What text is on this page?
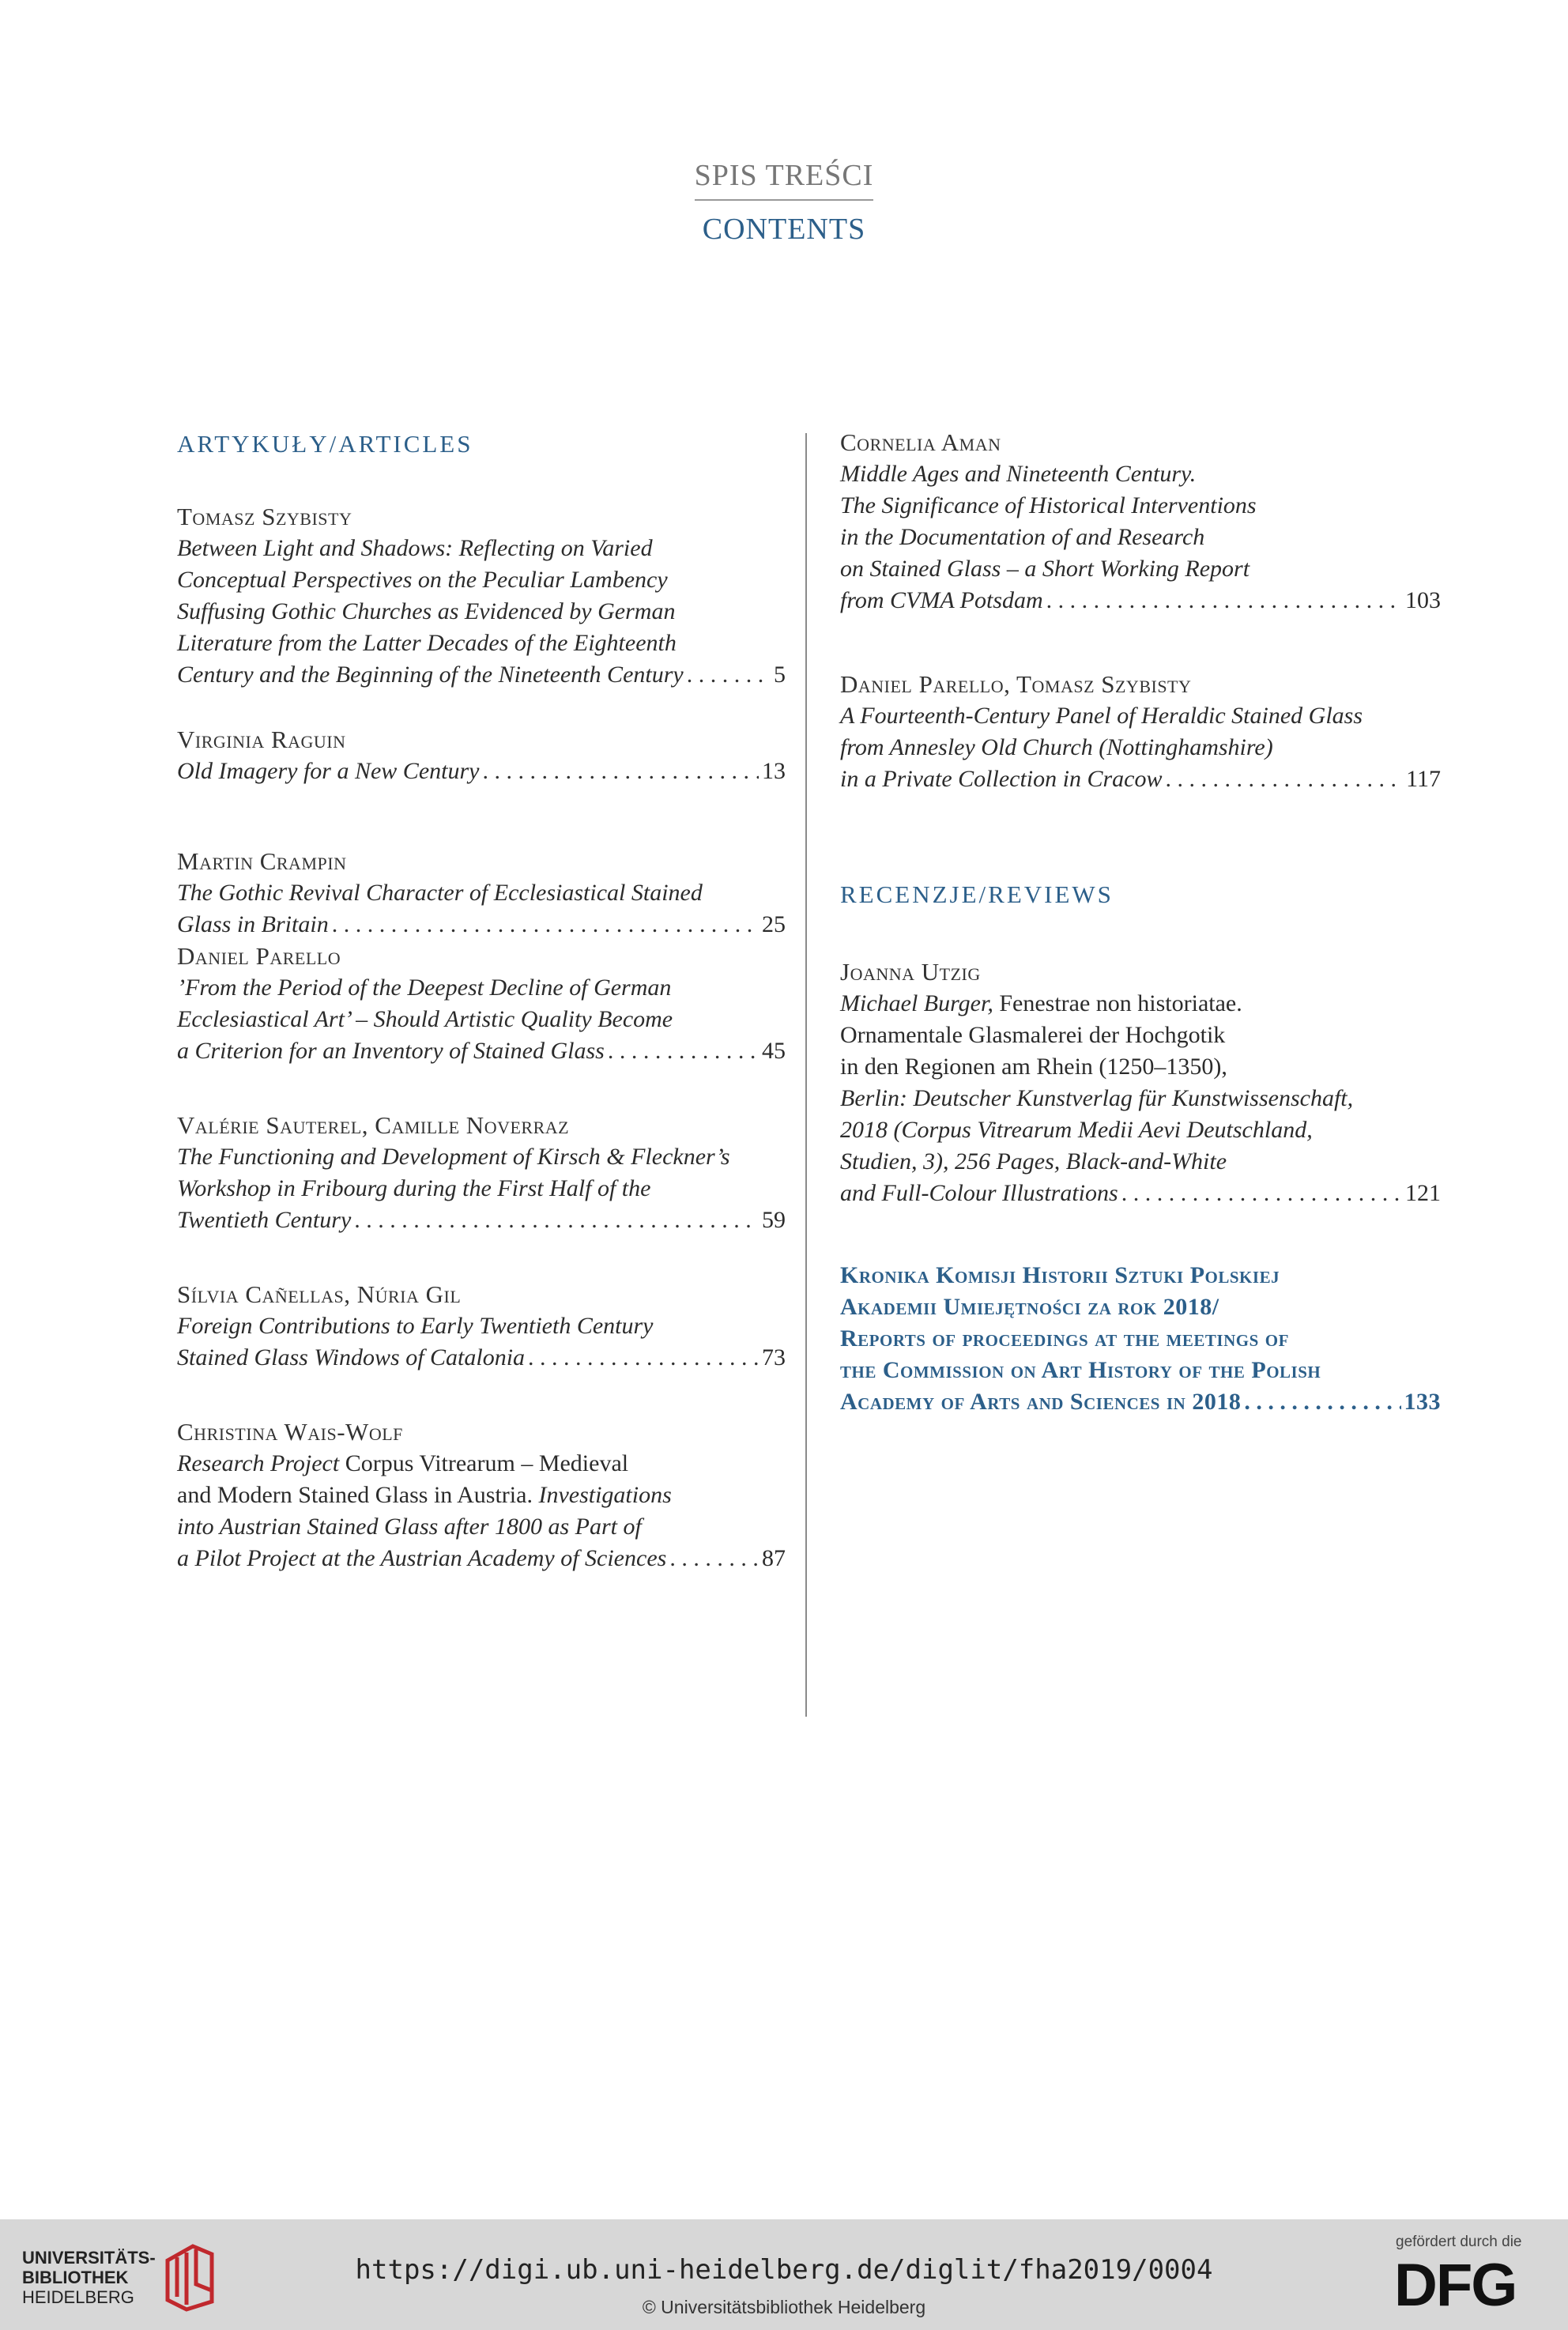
SPIS TREŚCI
CONTENTS
ARTYKUŁY/ARTICLES
Tomasz Szybisty
Between Light and Shadows: Reflecting on Varied
Conceptual Perspectives on the Peculiar Lambency
Suffusing Gothic Churches as Evidenced by German
Literature from the Latter Decades of the Eighteenth
Century and the Beginning of the Nineteenth Century . . .	5
Virginia Raguin
Old Imagery for a New Century . . .	13
Martin Crampin
The Gothic Revival Character of Ecclesiastical Stained
Glass in Britain . . .	25
Daniel Parello
’From the Period of the Deepest Decline of German
Ecclesiastical Art’ – Should Artistic Quality Become
a Criterion for an Inventory of Stained Glass . . .	45
Valérie Sauterel, Camille Noverraz
The Functioning and Development of Kirsch & Fleckner’s
Workshop in Fribourg during the First Half of the
Twentieth Century . . .	59
Sílvia Cañellas, Núria Gil
Foreign Contributions to Early Twentieth Century
Stained Glass Windows of Catalonia . . .	73
Christina Wais-Wolf
Research Project Corpus Vitrearum – Medieval
and Modern Stained Glass in Austria. Investigations
into Austrian Stained Glass after 1800 as Part of
a Pilot Project at the Austrian Academy of Sciences . . .	87
Cornelia Aman
Middle Ages and Nineteenth Century.
The Significance of Historical Interventions
in the Documentation of and Research
on Stained Glass – a Short Working Report
from CVMA Potsdam . . .	103
Daniel Parello, Tomasz Szybisty
A Fourteenth-Century Panel of Heraldic Stained Glass
from Annesley Old Church (Nottinghamshire)
in a Private Collection in Cracow . . .	117
RECENZJE/REVIEWS
Joanna Utzig
Michael Burger, Fenestrae non historiatae.
Ornamentale Glasmalerei der Hochgotik
in den Regionen am Rhein (1250–1350),
Berlin: Deutscher Kunstverlag für Kunstwissenschaft,
2018 (Corpus Vitrearum Medii Aevi Deutschland,
Studien, 3), 256 Pages, Black-and-White
and Full-Colour Illustrations . . .	121
Kronika Komisji Historii Sztuki Polskiej
Akademii Umiejętności za rok 2018/
Reports of proceedings at the meetings of
the Commission on Art History of the Polish
Academy of Arts and Sciences in 2018 . . .	133
UNIVERSITÄTS-
BIBLIOTHEK
HEIDELBERG
https://digi.ub.uni-heidelberg.de/diglit/fha2019/0004
© Universitätsbibliothek Heidelberg
gefördert durch die
DFG
